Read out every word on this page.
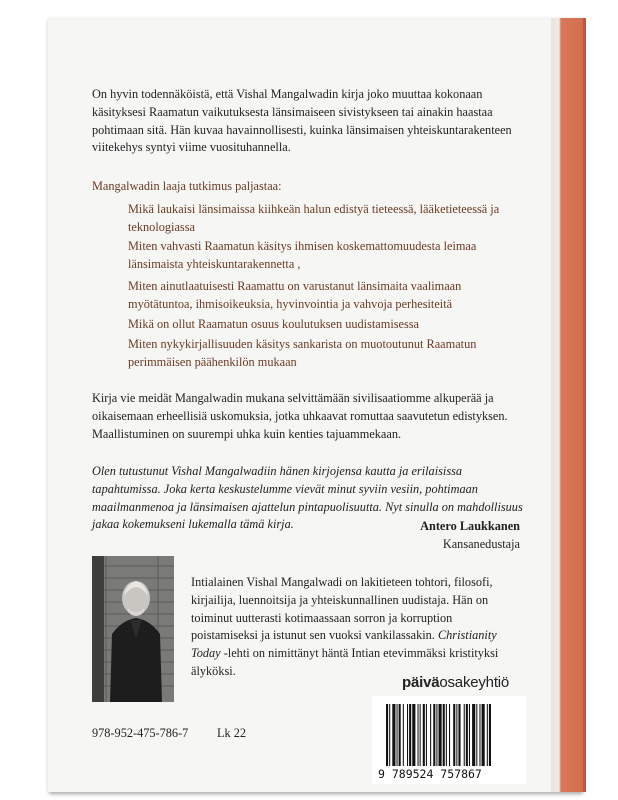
On hyvin todennäköistä, että Vishal Mangalwadin kirja joko muuttaa kokonaan käsityksesi Raamatun vaikutuksesta länsimaiseen sivistykseen tai ainakin haastaa pohtimaan sitä. Hän kuvaa havainnollisesti, kuinka länsimaisen yhteiskuntarakenteen viitekehys syntyi viime vuosituhannella.
Mangalwadin laaja tutkimus paljastaa:
Mikä laukaisi länsimaissa kiihkeän halun edistyä tieteessä, lääketieteessä ja teknologiassa
Miten vahvasti Raamatun käsitys ihmisen koskemattomuudesta leimaa länsimaista yhteiskuntarakennetta ,
Miten ainutlaatuisesti Raamattu on varustanut länsimaita vaalimaan myötätuntoa, ihmisoikeuksia, hyvinvointia ja vahvoja perhesiteitä
Mikä on ollut Raamatun osuus koulutuksen uudistamisessa
Miten nykykirjallisuuden käsitys sankarista on muotoutunut Raamatun perimmäisen päähenkilön mukaan
Kirja vie meidät Mangalwadin mukana selvittämään sivilisaatiomme alkuperää ja oikaisemaan erheellisiä uskomuksia, jotka uhkaavat romuttaa saavutetun edistyksen. Maallistuminen on suurempi uhka kuin kenties tajuammekaan.
Olen tutustunut Vishal Mangalwadiin hänen kirjojensa kautta ja erilaisissa tapahtumissa. Joka kerta keskustelumme vievät minut syviin vesiin, pohtimaan maailmanmenoa ja länsimaisen ajattelun pintapuolisuutta. Nyt sinulla on mahdollisuus jakaa kokemukseni lukemalla tämä kirja.	Antero Laukkanen
Kansanedustaja
Intialainen Vishal Mangalwadi on lakitieteen tohtori, filosofi, kirjailija, luennoitsija ja yhteiskunnallinen uudistaja. Hän on toiminut uutterasti kotimaassaan sorron ja korruption poistamiseksi ja istunut sen vuoksi vankilassakin. Christianity Today -lehti on nimittänyt häntä Intian etevimmäksi kristityksi älyköksi.
päiväosakeyhtiö
9 789524 757867
978-952-475-786-7 Lk 22
